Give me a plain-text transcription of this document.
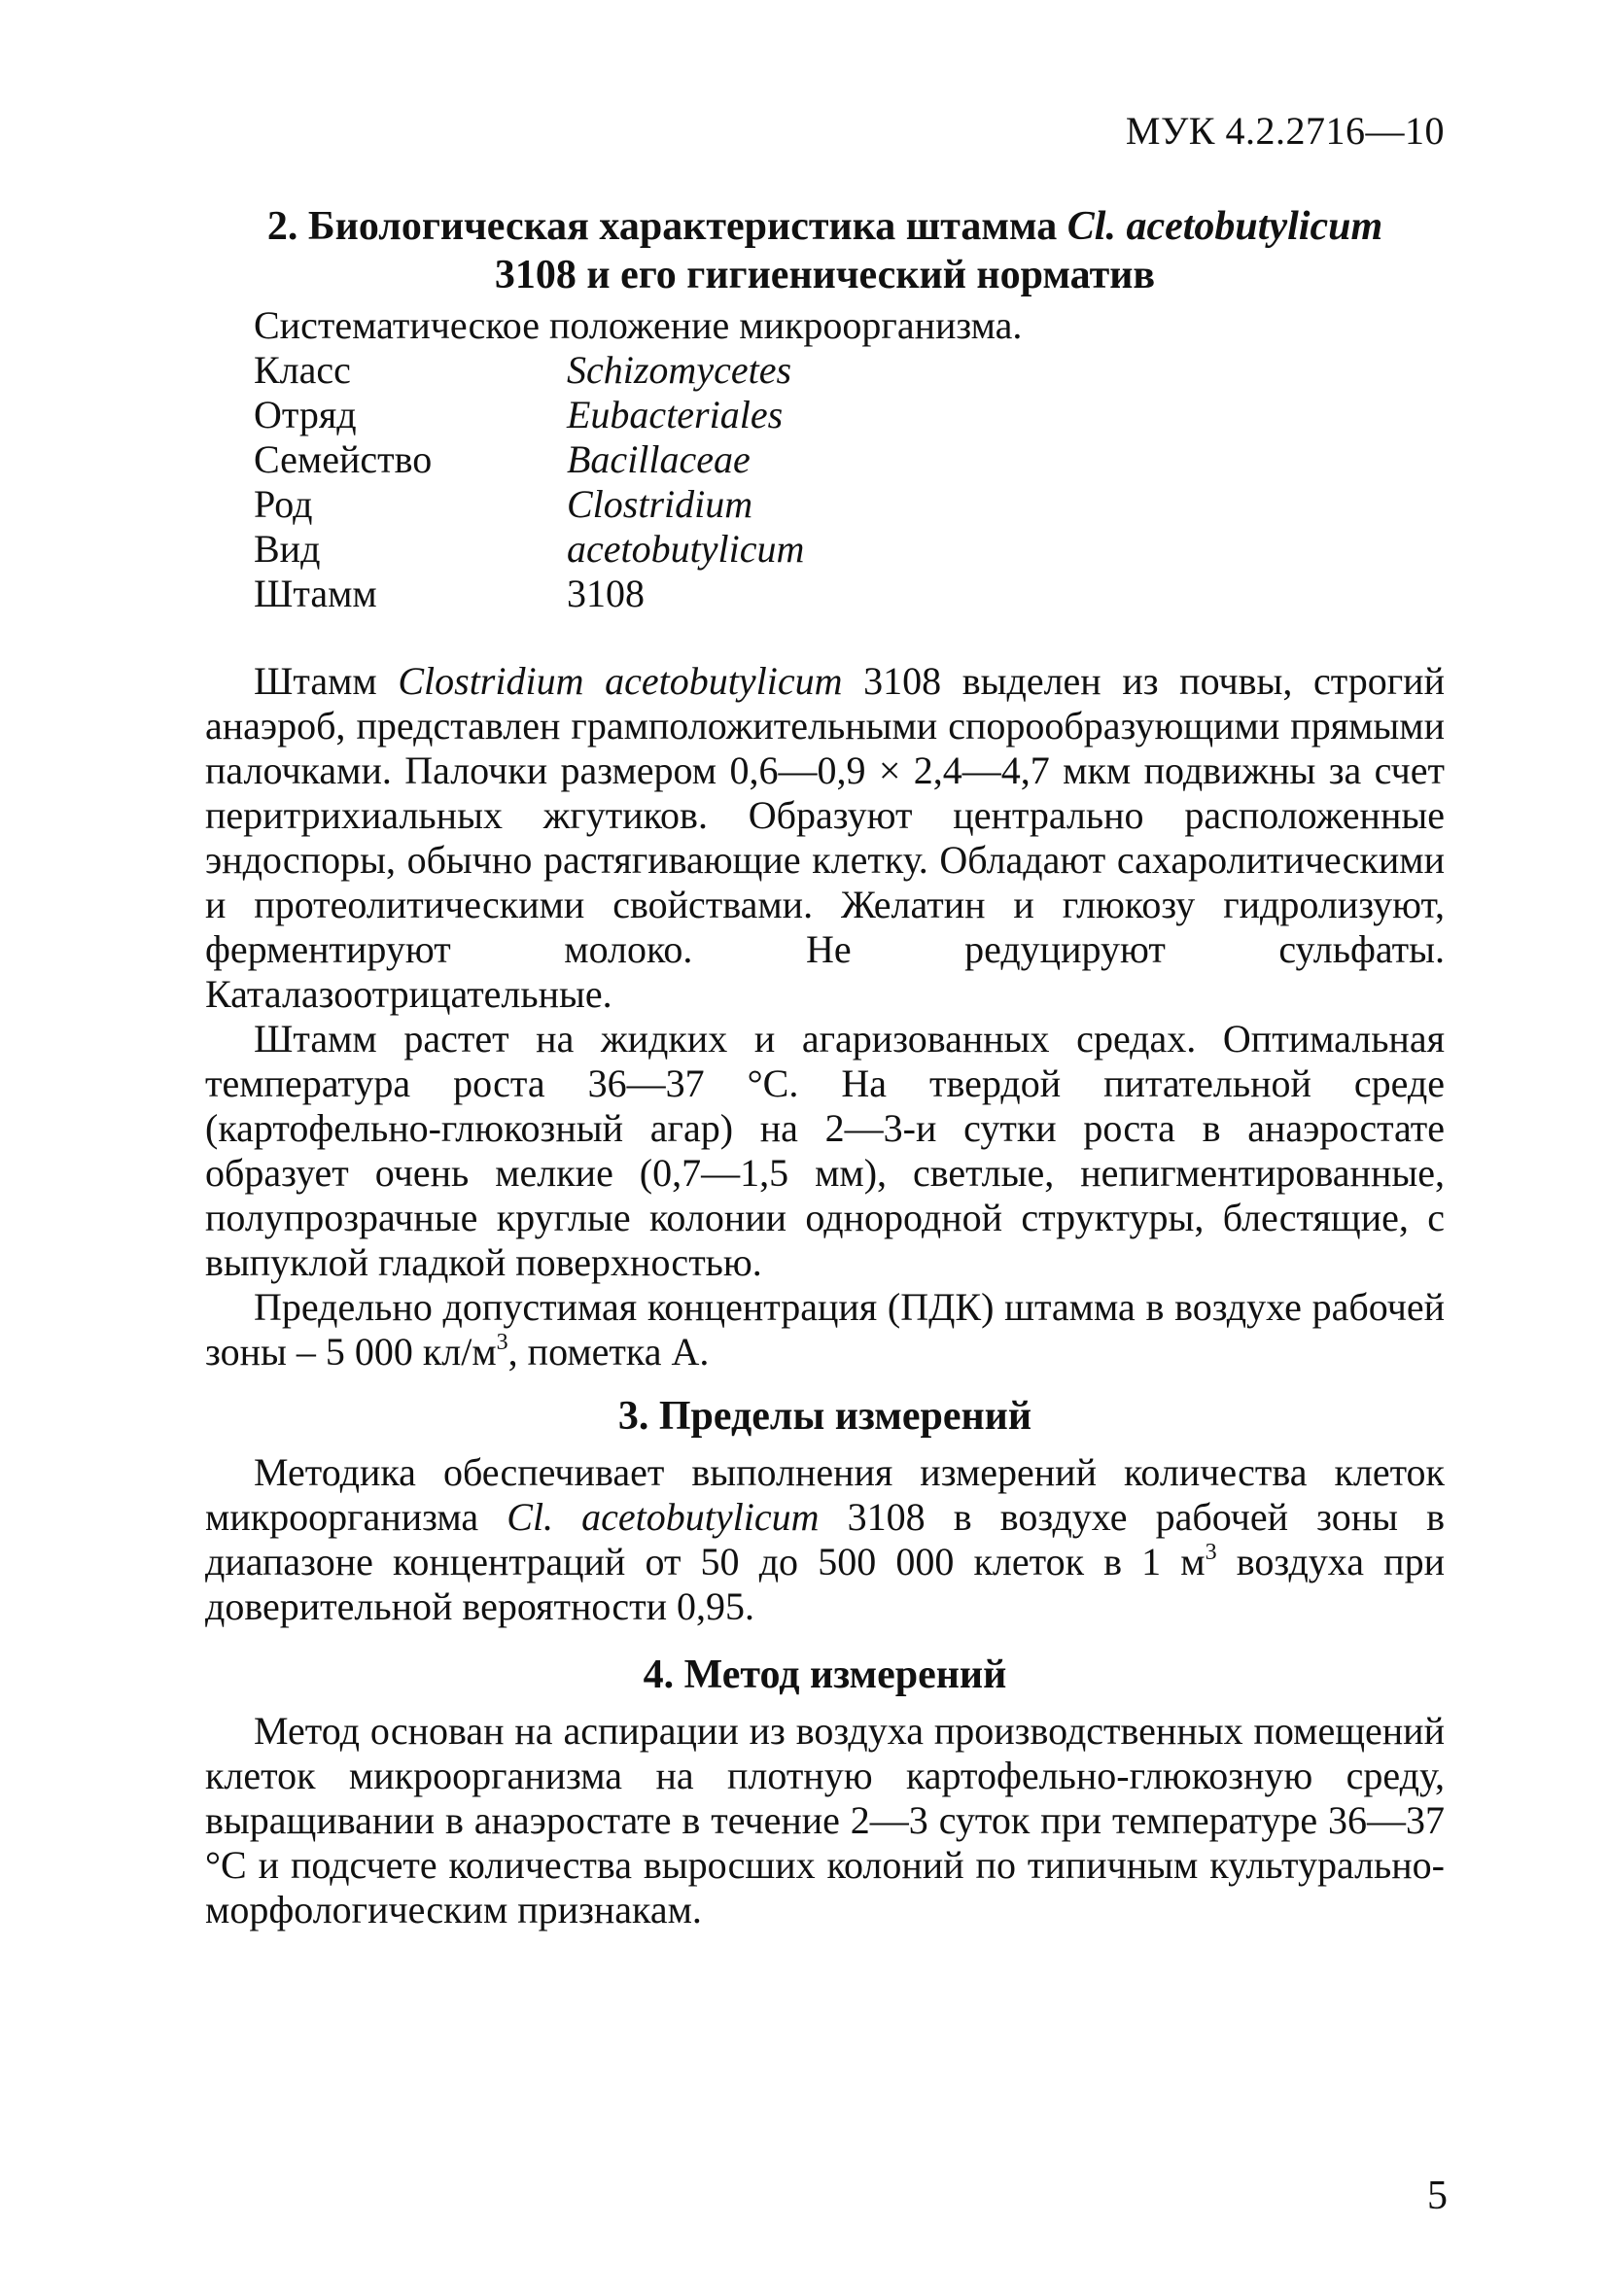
МУК 4.2.2716—10
2. Биологическая характеристика штамма Cl. acetobutylicum
3108 и его гигиенический норматив

Систематическое положение микроорганизма.

Класс	Schizomycetes
Отряд	Eubacteriales
Семейство	Bacillaceae
Род	Clostridium
Вид	acetobutylicum
Штамм	3108

Штамм Clostridium acetobutylicum 3108 выделен из почвы, строгий анаэроб, представлен грамположительными спорообразующими прямыми палочками. Палочки размером 0,6—0,9 × 2,4—4,7 мкм подвижны за счет перитрихиальных жгутиков. Образуют центрально расположенные эндоспоры, обычно растягивающие клетку. Обладают сахаролитическими и протеолитическими свойствами. Желатин и глюкозу гидролизуют, ферментируют молоко. Не редуцируют сульфаты. Каталазоотрицательные.

Штамм растет на жидких и агаризованных средах. Оптимальная температура роста 36—37 °С. На твердой питательной среде (картофельно-глюкозный агар) на 2—3-и сутки роста в анаэростате образует очень мелкие (0,7—1,5 мм), светлые, непигментированные, полупрозрачные круглые колонии однородной структуры, блестящие, с выпуклой гладкой поверхностью.

Предельно допустимая концентрация (ПДК) штамма в воздухе рабочей зоны – 5 000 $кл/м^3$, пометка А.

3. Пределы измерений

Методика обеспечивает выполнения измерений количества клеток микроорганизма Cl. acetobutylicum 3108 в воздухе рабочей зоны в диапазоне концентраций от 50 до 500 000 клеток в 1 $м^3$ воздуха при доверительной вероятности 0,95.

4. Метод измерений

Метод основан на аспирации из воздуха производственных помещений клеток микроорганизма на плотную картофельно-глюкозную среду, выращивании в анаэростате в течение 2—3 суток при температуре 36—37 °С и подсчете количества выросших колоний по типичным культурально-морфологическим признакам.

5
